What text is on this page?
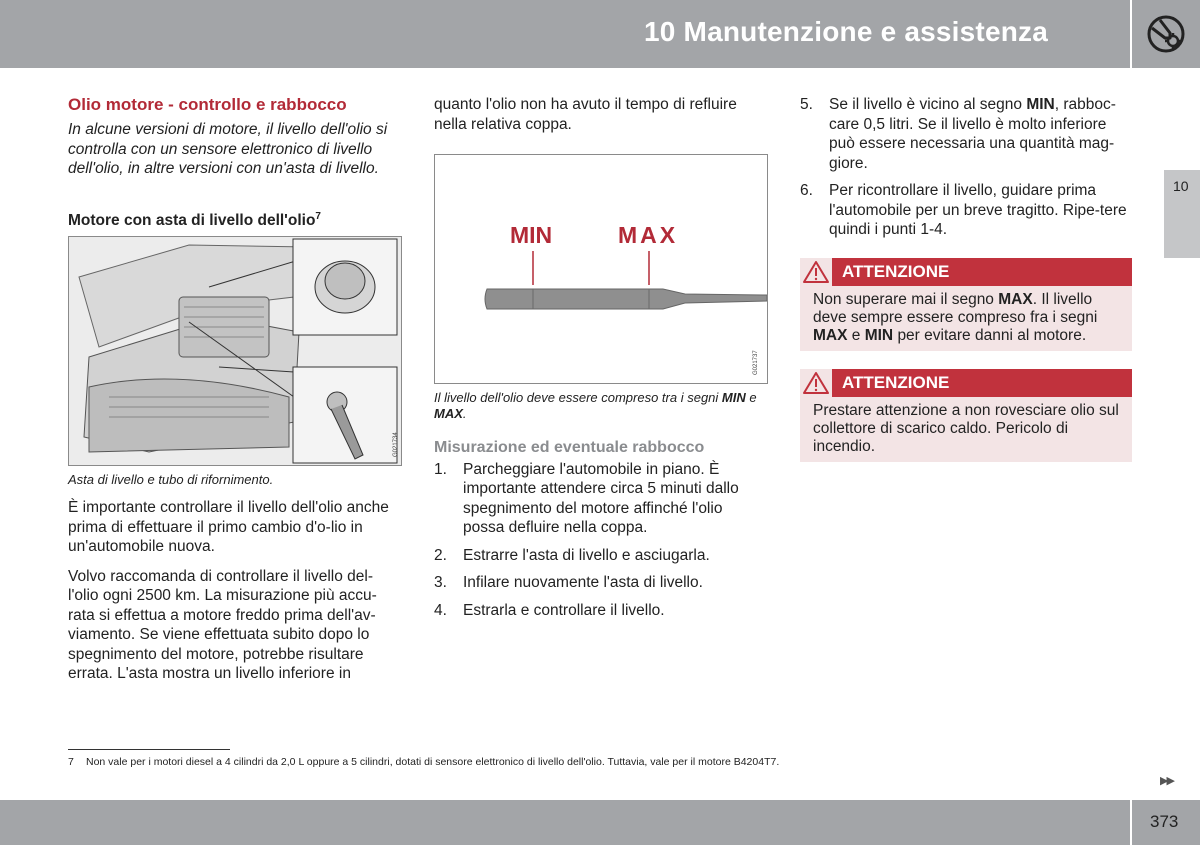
10 Manutenzione e assistenza
10
Olio motore - controllo e rabbocco

In alcune versioni di motore, il livello dell'olio si controlla con un sensore elettronico di livello dell'olio, in altre versioni con un'asta di livello.

Motore con asta di livello dell'olio$^7$
G021734

Asta di livello e tubo di rifornimento.

È importante controllare il livello dell'olio anche prima di effettuare il primo cambio d'o-lio in un'automobile nuova.

Volvo raccomanda di controllare il livello del-l'olio ogni 2500 km. La misurazione più accu-rata si effettua a motore freddo prima dell'av-viamento. Se viene effettuata subito dopo lo spegnimento del motore, potrebbe risultare errata. L'asta mostra un livello inferiore in

quanto l'olio non ha avuto il tempo di refluire nella relativa coppa.

MIN	MAX
G021737

Il livello dell'olio deve essere compreso tra i segni MIN e MAX.

Misurazione ed eventuale rabbocco
1. Parcheggiare l'automobile in piano. È importante attendere circa 5 minuti dallo spegnimento del motore affinché l'olio possa defluire nella coppa.
2. Estrarre l'asta di livello e asciugarla.
3. Infilare nuovamente l'asta di livello.
4. Estrarla e controllare il livello.
5. Se il livello è vicino al segno MIN, rabboc-care 0,5 litri. Se il livello è molto inferiore può essere necessaria una quantità mag-giore.
6. Per ricontrollare il livello, guidare prima l'automobile per un breve tragitto. Ripe-tere quindi i punti 1-4.
ATTENZIONE
Non superare mai il segno MAX. Il livello deve sempre essere compreso fra i segni MAX e MIN per evitare danni al motore.
ATTENZIONE
Prestare attenzione a non rovesciare olio sul collettore di scarico caldo. Pericolo di incendio.
7 Non vale per i motori diesel a 4 cilindri da 2,0 L oppure a 5 cilindri, dotati di sensore elettronico di livello dell'olio. Tuttavia, vale per il motore B4204T7.
▶▶
373
